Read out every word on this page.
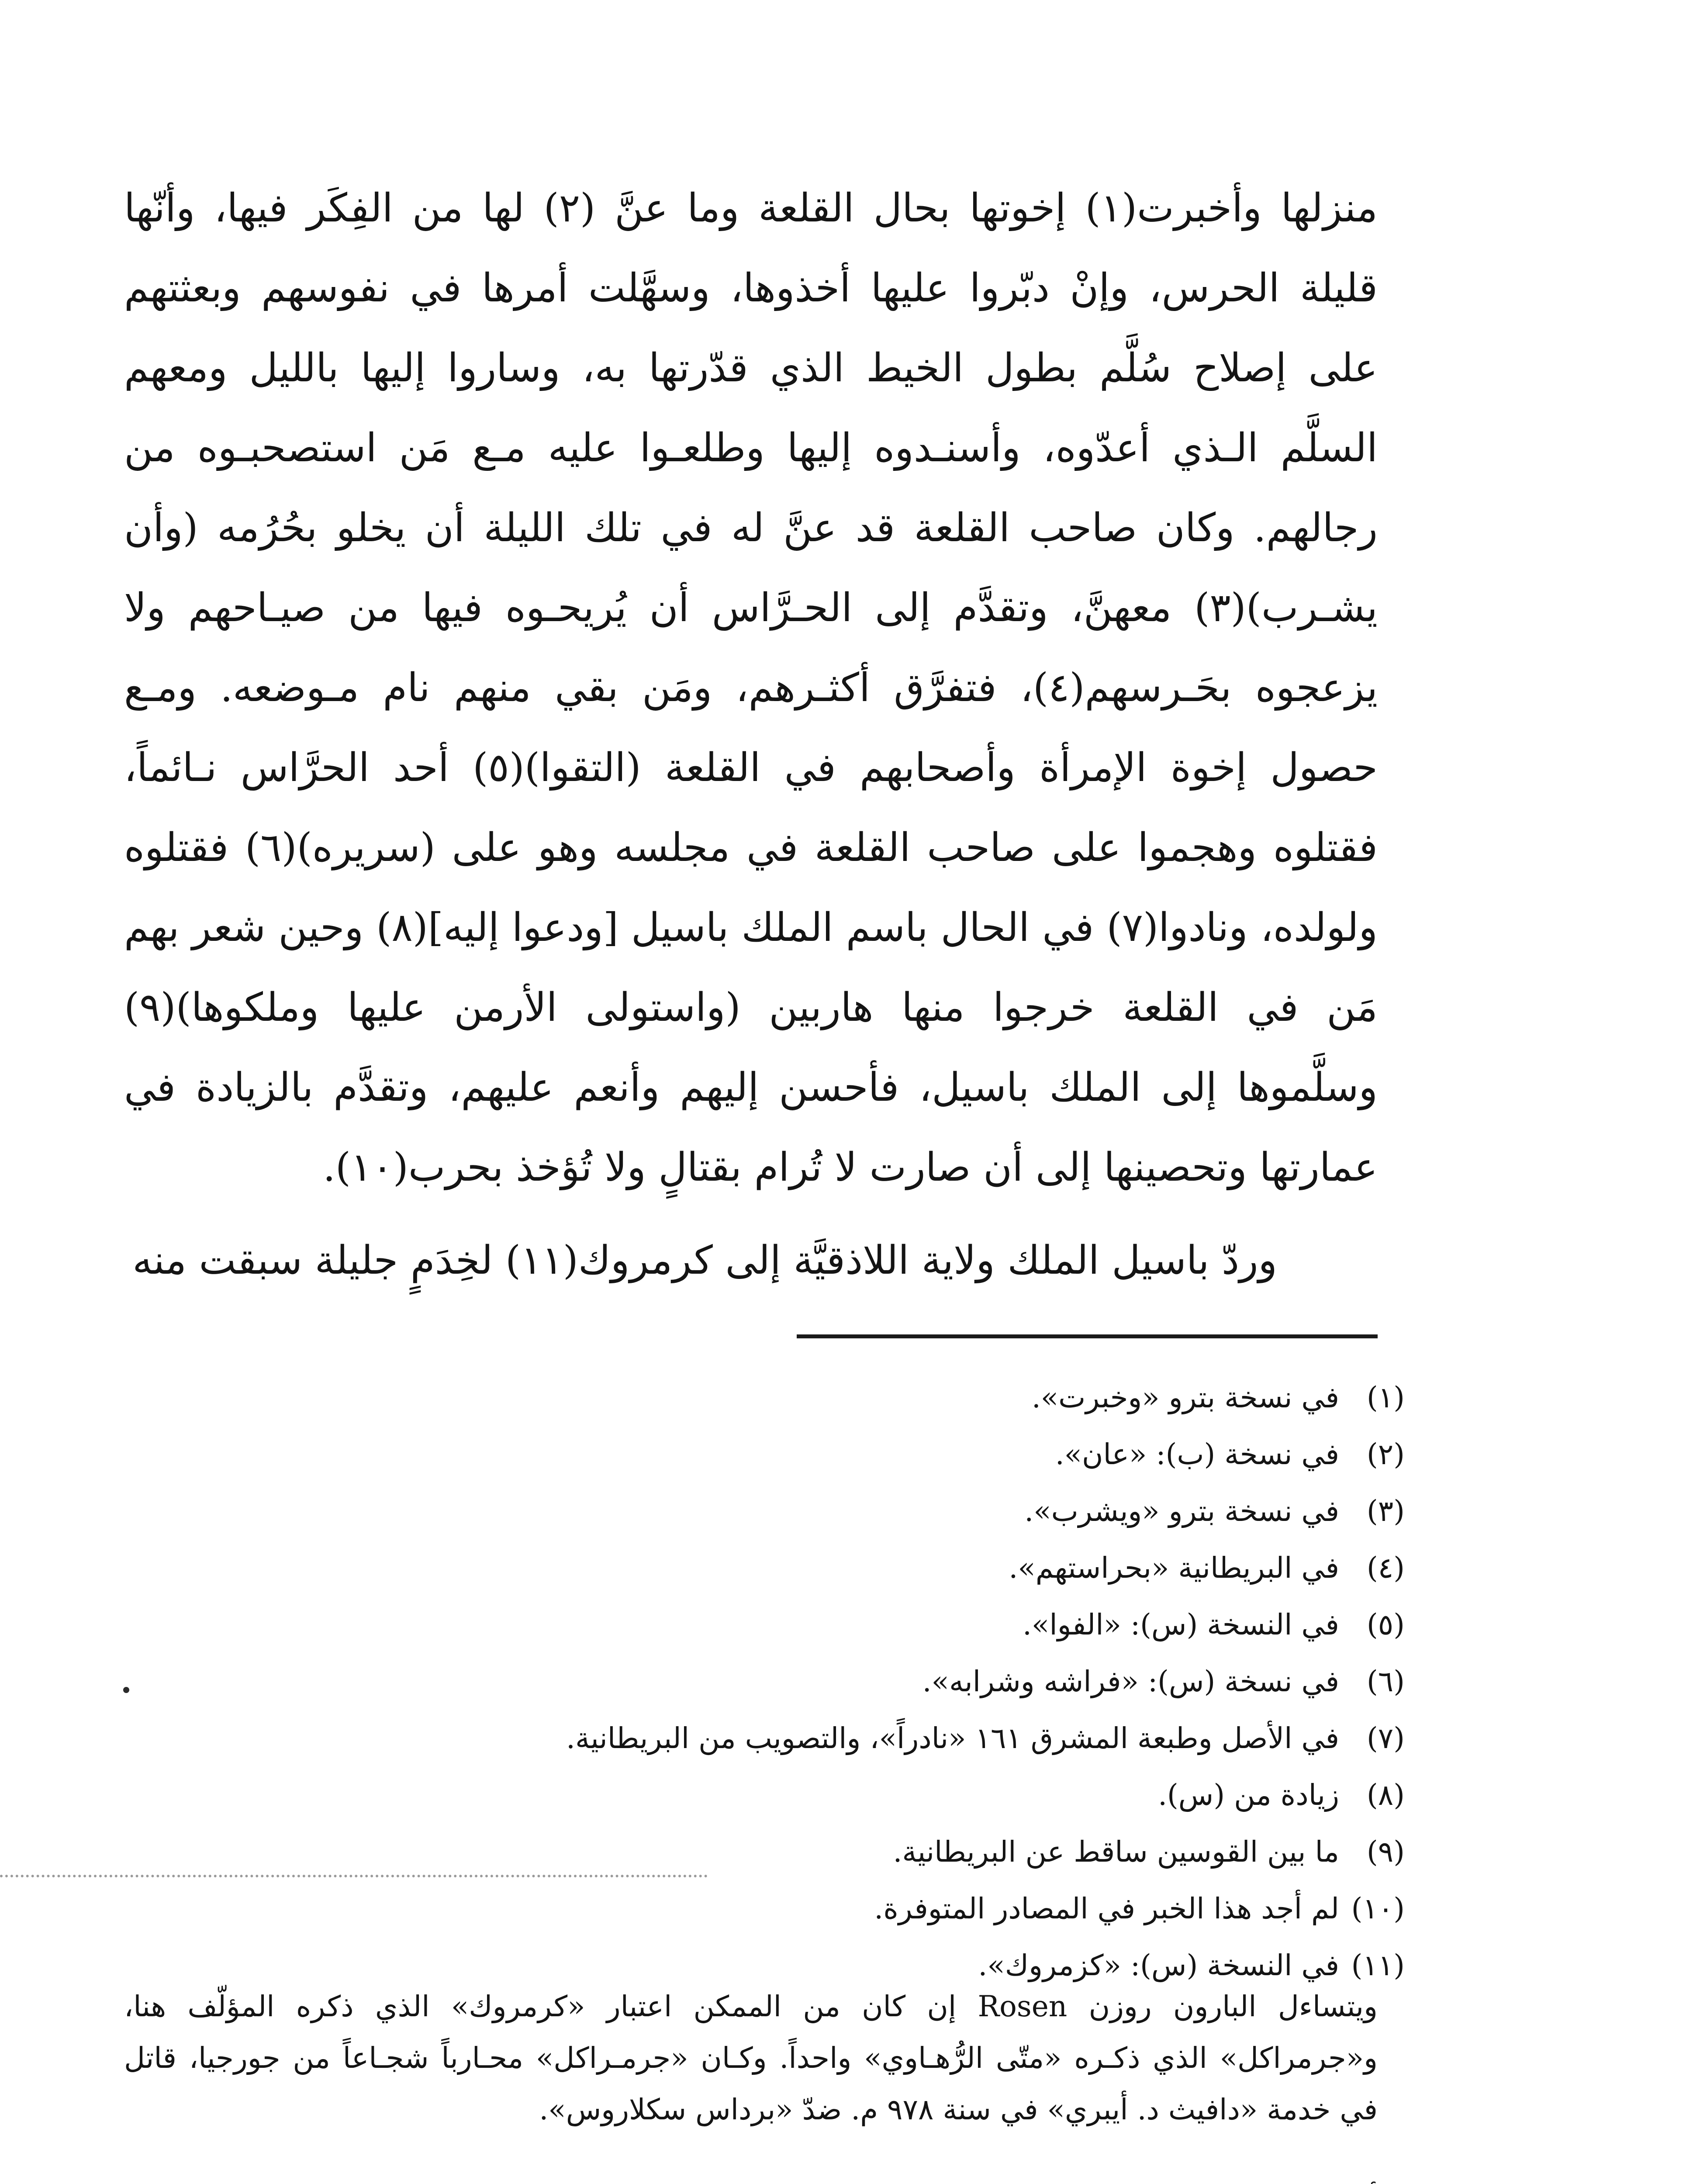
منزلها وأخبرت(١) إخوتها بحال القلعة وما عنَّ (٢) لها من الفِكَر فيها، وأنّها قليلة الحرس، وإنْ دبّروا عليها أخذوها، وسهَّلت أمرها في نفوسهم وبعثتهم على إصلاح سُلَّم بطول الخيط الذي قدّرتها به، وساروا إليها بالليل ومعهم السلَّم الـذي أعدّوه، وأسنـدوه إليها وطلعـوا عليه مـع مَن استصحبـوه من رجالهم. وكان صاحب القلعة قد عنَّ له في تلك الليلة أن يخلو بحُرُمه (وأن يشـرب)(٣) معهنَّ، وتقدَّم إلى الحـرَّاس أن يُريحـوه فيها من صيـاحهم ولا يزعجوه بحَـرسهم(٤)، فتفرَّق أكثـرهم، ومَن بقي منهم نام مـوضعه. ومـع حصول إخوة الإمرأة وأصحابهم في القلعة (التقوا)(٥) أحد الحرَّاس نـائماً، فقتلوه وهجموا على صاحب القلعة في مجلسه وهو على (سريره)(٦) فقتلوه ولولده، ونادوا(٧) في الحال باسم الملك باسيل [ودعوا إليه](٨) وحين شعر بهم مَن في القلعة خرجوا منها هاربين (واستولى الأرمن عليها وملكوها)(٩) وسلَّموها إلى الملك باسيل، فأحسن إليهم وأنعم عليهم، وتقدَّم بالزيادة في عمارتها وتحصينها إلى أن صارت لا تُرام بقتالٍ ولا تُؤخذ بحرب(١٠).

وردّ باسيل الملك ولاية اللاذقيَّة إلى كرمروك(١١) لخِدَمٍ جليلة سبقت منه

(١)في نسخة بترو «وخبرت».
(٢)في نسخة (ب): «عان».
(٣)في نسخة بترو «ويشرب».
(٤)في البريطانية «بحراستهم».
(٥)في النسخة (س): «الفوا».
(٦)في نسخة (س): «فراشه وشرابه».
(٧)في الأصل وطبعة المشرق ١٦١ «نادراً»، والتصويب من البريطانية.
(٨)زيادة من (س).
(٩)ما بين القوسين ساقط عن البريطانية.
(١٠)لم أجد هذا الخبر في المصادر المتوفرة.
(١١)في النسخة (س): «كزمروك».

ويتساءل البارون روزن Rosen إن كان من الممكن اعتبار «كرمروك» الذي ذكره المؤلّف هنا، و«جرمراكل» الذي ذكـره «متّى الرُّهـاوي» واحداً. وكـان «جرمـراكل» محـارباً شجـاعاً من جورجيا، قاتل في خدمة «دافيث د. أيبري» في سنة ٩٧٨ م. ضدّ «برداس سكلاروس».
